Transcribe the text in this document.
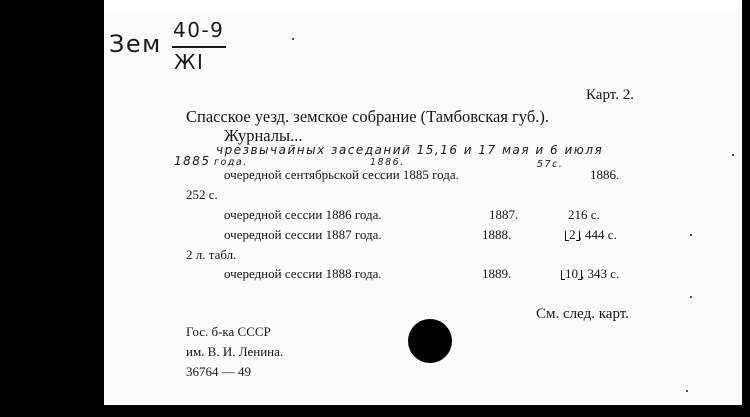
Зем 40-9
ЖI
Карт. 2.
Спасское уезд. земское собрание (Тамбовская губ.).
Журналы...
чрезвычайных заседаний 15,16 и 17 мая и 6 июля
1885 года.	1886.	57с.
очередной сентябрьской сессии 1885 года.	1886.
252 с.
очередной сессии 1886 года.	1887.	216 с.
очередной сессии 1887 года.	1888.	2 , 444 с.
2 л. табл.
очередной сессии 1888 года.	1889.	10 , 343 с.
См. след. карт.
Гос. б-ка СССР
им. В. И. Ленина.
36764 — 49
